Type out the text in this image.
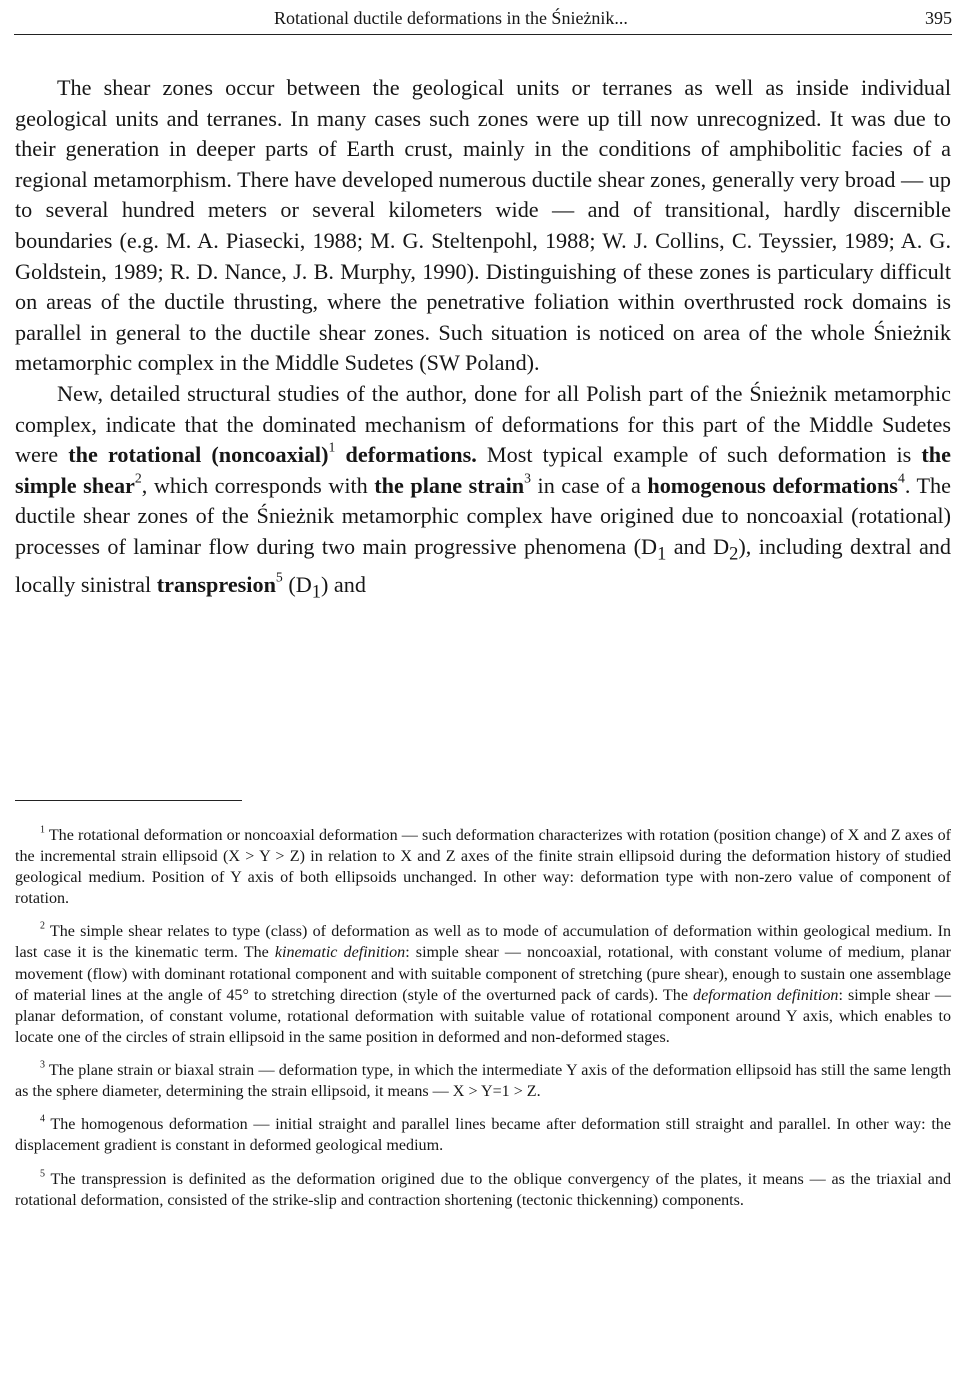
Rotational ductile deformations in the Śnieżnik...	395

The shear zones occur between the geological units or terranes as well as inside individual geological units and terranes. In many cases such zones were up till now unrecognized. It was due to their generation in deeper parts of Earth crust, mainly in the conditions of amphibolitic facies of a regional metamorphism. There have developed numerous ductile shear zones, generally very broad — up to several hundred meters or several kilometers wide — and of transitional, hardly discernible boundaries (e.g. M. A. Piasecki, 1988; M. G. Steltenpohl, 1988; W. J. Collins, C. Teyssier, 1989; A. G. Goldstein, 1989; R. D. Nance, J. B. Murphy, 1990). Distinguishing of these zones is particulary difficult on areas of the ductile thrusting, where the penetrative foliation within overthrusted rock domains is parallel in general to the ductile shear zones. Such situation is noticed on area of the whole Śnieżnik metamorphic complex in the Middle Sudetes (SW Poland).

New, detailed structural studies of the author, done for all Polish part of the Śnieżnik metamorphic complex, indicate that the dominated mechanism of deformations for this part of the Middle Sudetes were the rotational (noncoaxial)$^1$ deformations. Most typical example of such deformation is the simple shear$^2$, which corresponds with the plane strain$^3$ in case of a homogenous deformations$^4$. The ductile shear zones of the Śnieżnik metamorphic complex have origined due to noncoaxial (rotational) processes of laminar flow during two main progressive phenomena ($D_1$ and $D_2$), including dextral and locally sinistral transpresion$^5$ $(D_1)$ and

$^1$ The rotational deformation or noncoaxial deformation — such deformation characterizes with rotation (position change) of X and Z axes of the incremental strain ellipsoid (X > Y > Z) in relation to X and Z axes of the finite strain ellipsoid during the deformation history of studied geological medium. Position of Y axis of both ellipsoids unchanged. In other way: deformation type with non-zero value of component of rotation.

$^2$ The simple shear relates to type (class) of deformation as well as to mode of accumulation of deformation within geological medium. In last case it is the kinematic term. The kinematic definition: simple shear — noncoaxial, rotational, with constant volume of medium, planar movement (flow) with dominant rotational component and with suitable component of stretching (pure shear), enough to sustain one assemblage of material lines at the angle of 45° to stretching direction (style of the overturned pack of cards). The deformation definition: simple shear — planar deformation, of constant volume, rotational deformation with suitable value of rotational component around Y axis, which enables to locate one of the circles of strain ellipsoid in the same position in deformed and non-deformed stages.

$^3$ The plane strain or biaxal strain — deformation type, in which the intermediate Y axis of the deformation ellipsoid has still the same length as the sphere diameter, determining the strain ellipsoid, it means — X > Y=1 > Z.

$^4$ The homogenous deformation — initial straight and parallel lines became after deformation still straight and parallel. In other way: the displacement gradient is constant in deformed geological medium.

$^5$ The transpression is definited as the deformation origined due to the oblique convergency of the plates, it means — as the triaxial and rotational deformation, consisted of the strike-slip and contraction shortening (tectonic thickenning) components.
